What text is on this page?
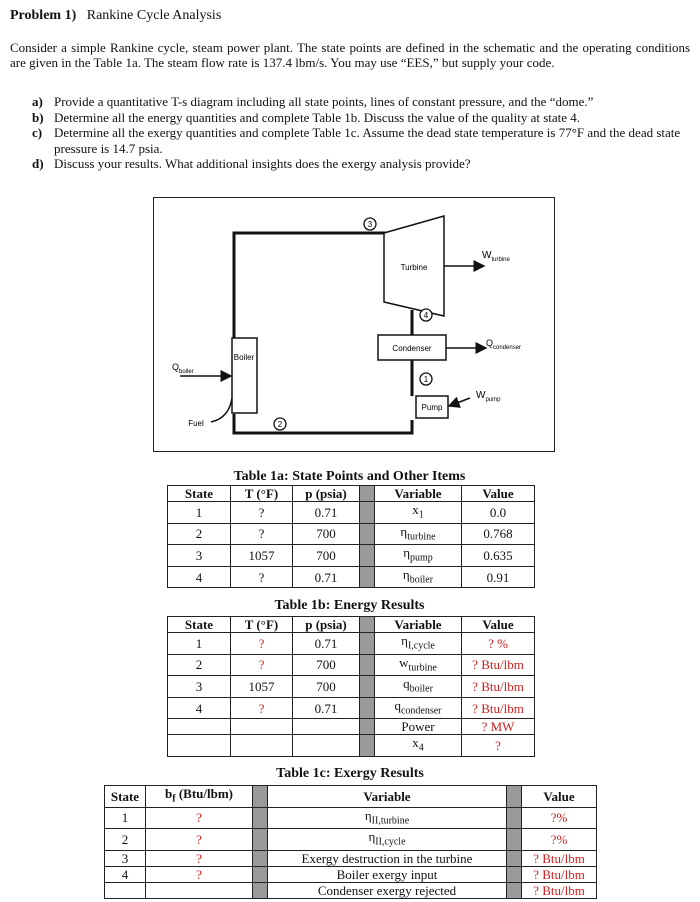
Problem 1) Rankine Cycle Analysis
Consider a simple Rankine cycle, steam power plant. The state points are defined in the schematic and the operating conditions are given in the Table 1a. The steam flow rate is 137.4 lbm/s. You may use “EES,” but supply your code.
a) Provide a quantitative T-s diagram including all state points, lines of constant pressure, and the “dome.”
b) Determine all the energy quantities and complete Table 1b. Discuss the value of the quality at state 4.
c) Determine all the exergy quantities and complete Table 1c. Assume the dead state temperature is 77°F and the dead state pressure is 14.7 psia.
d) Discuss your results. What additional insights does the exergy analysis provide?
3
4
1
2
Turbine
Condenser
Pump
Boiler
Fuel
$W_{turbine}$
$Q_{condenser}$
$W_{pump}$
$Q_{boiler}$
Table 1a: State Points and Other Items
State	T (°F)	p (psia)		Variable	Value
1	?	0.71		$x_1$	0.0
2	?	700		$\eta_{turbine}$	0.768
3	1057	700		$\eta_{pump}$	0.635
4	?	0.71		$\eta_{boiler}$	0.91
Table 1b: Energy Results
State	T (°F)	p (psia)		Variable	Value
1	?	0.71		$\eta_{I,cycle}$	? %
2	?	700		$w_{turbine}$	? Btu/lbm
3	1057	700		$q_{boiler}$	? Btu/lbm
4	?	0.71		$q_{condenser}$	? Btu/lbm
				Power	? MW
				$x_4$	?
Table 1c: Exergy Results
State	$b_f$ (Btu/lbm)		Variable		Value
1	?		$\eta_{II,turbine}$		?%
2	?		$\eta_{II,cycle}$		?%
3	?		Exergy destruction in the turbine		? Btu/lbm
4	?		Boiler exergy input		? Btu/lbm
			Condenser exergy rejected		? Btu/lbm
